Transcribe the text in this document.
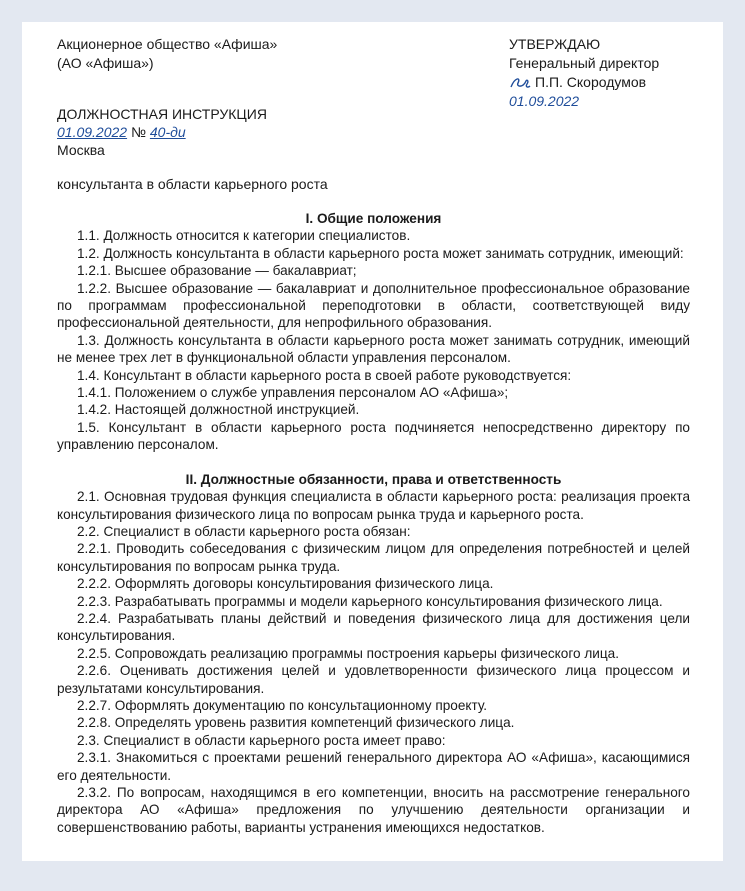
Акционерное общество «Афиша»
(АО «Афиша»)
УТВЕРЖДАЮ
Генеральный директор
П.П. Скородумов
01.09.2022
ДОЛЖНОСТНАЯ ИНСТРУКЦИЯ
01.09.2022 № 40-ди
Москва
консультанта в области карьерного роста
I. Общие положения

1.1. Должность относится к категории специалистов.

1.2. Должность консультанта в области карьерного роста может занимать сотрудник, имеющий:

1.2.1. Высшее образование — бакалавриат;

1.2.2. Высшее образование — бакалавриат и дополнительное профессиональное образование по программам профессиональной переподготовки в области, соответствующей виду профессиональной деятельности, для непрофильного образования.

1.3. Должность консультанта в области карьерного роста может занимать сотрудник, имеющий не менее трех лет в функциональной области управления персоналом.

1.4. Консультант в области карьерного роста в своей работе руководствуется:

1.4.1. Положением о службе управления персоналом АО «Афиша»;

1.4.2. Настоящей должностной инструкцией.

1.5. Консультант в области карьерного роста подчиняется непосредственно директору по управлению персоналом.

II. Должностные обязанности, права и ответственность

2.1. Основная трудовая функция специалиста в области карьерного роста: реализация проекта консультирования физического лица по вопросам рынка труда и карьерного роста.

2.2. Специалист в области карьерного роста обязан:

2.2.1. Проводить собеседования с физическим лицом для определения потребностей и целей консультирования по вопросам рынка труда.

2.2.2. Оформлять договоры консультирования физического лица.

2.2.3. Разрабатывать программы и модели карьерного консультирования физического лица.

2.2.4. Разрабатывать планы действий и поведения физического лица для достижения цели консультирования.

2.2.5. Сопровождать реализацию программы построения карьеры физического лица.

2.2.6. Оценивать достижения целей и удовлетворенности физического лица процессом и результатами консультирования.

2.2.7. Оформлять документацию по консультационному проекту.

2.2.8. Определять уровень развития компетенций физического лица.

2.3. Специалист в области карьерного роста имеет право:

2.3.1. Знакомиться с проектами решений генерального директора АО «Афиша», касающимися его деятельности.

2.3.2. По вопросам, находящимся в его компетенции, вносить на рассмотрение генерального директора АО «Афиша» предложения по улучшению деятельности организации и совершенствованию работы, варианты устранения имеющихся недостатков.
